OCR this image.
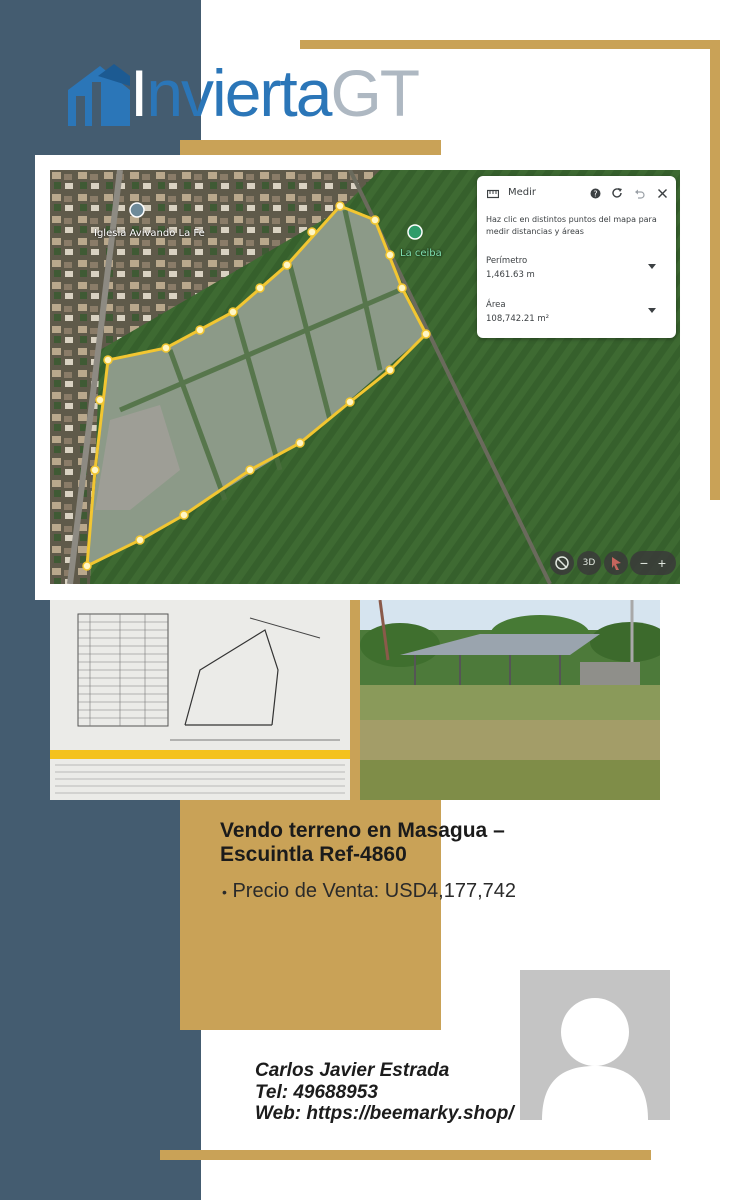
InviertaGT
Iglesia Avivando La Fe
La ceiba
3D	− +
Medir	?
Haz clic en distintos puntos del mapa para medir distancias y áreas
Perímetro
1,461.63 m
Área
108,742.21 m²
Vendo terreno en Masagua – Escuintla Ref-4860
• Precio de Venta: USD4,177,742
Carlos Javier Estrada
Tel: 49688953
Web: https://beemarky.shop/
